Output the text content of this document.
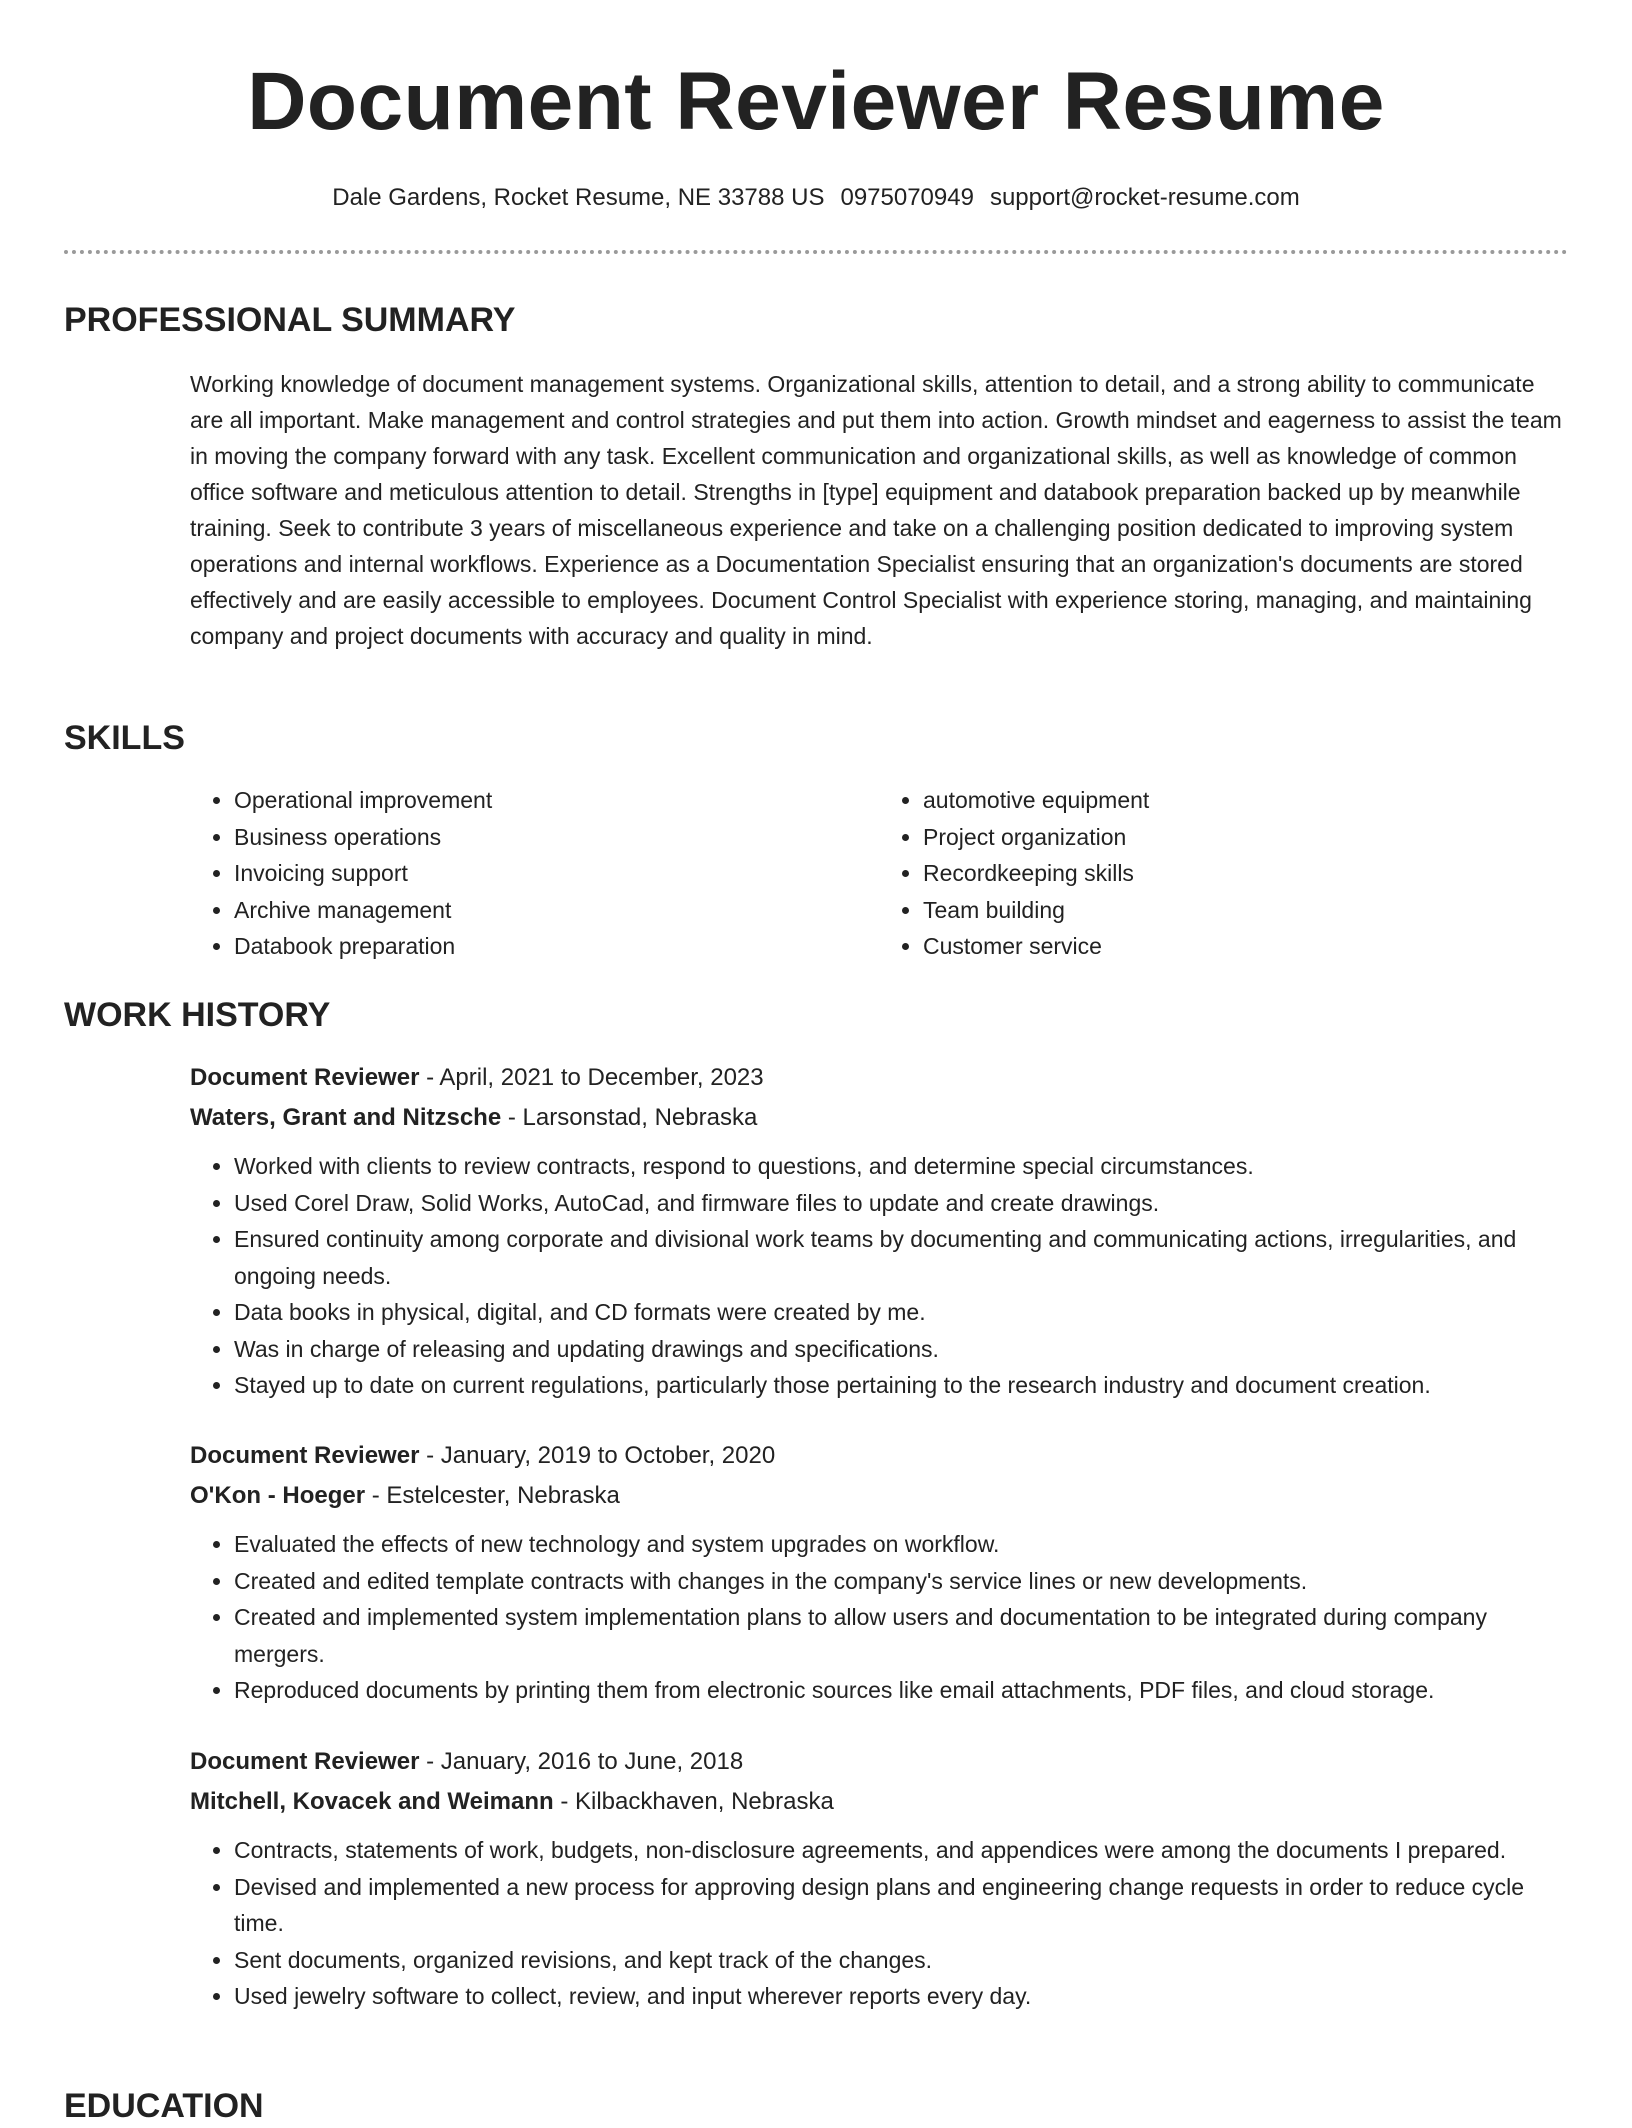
Document Reviewer Resume
Dale Gardens, Rocket Resume, NE 33788 US 0975070949 support@rocket-resume.com
PROFESSIONAL SUMMARY

Working knowledge of document management systems. Organizational skills, attention to detail, and a strong ability to communicate are all important. Make management and control strategies and put them into action. Growth mindset and eagerness to assist the team in moving the company forward with any task. Excellent communication and organizational skills, as well as knowledge of common office software and meticulous attention to detail. Strengths in [type] equipment and databook preparation backed up by meanwhile training. Seek to contribute 3 years of miscellaneous experience and take on a challenging position dedicated to improving system operations and internal workflows. Experience as a Documentation Specialist ensuring that an organization's documents are stored effectively and are easily accessible to employees. Document Control Specialist with experience storing, managing, and maintaining company and project documents with accuracy and quality in mind.

SKILLS
• Operational improvement
• Business operations
• Invoicing support
• Archive management
• Databook preparation
• automotive equipment
• Project organization
• Recordkeeping skills
• Team building
• Customer service
WORK HISTORY
Document Reviewer - April, 2021 to December, 2023
Waters, Grant and Nitzsche - Larsonstad, Nebraska
• Worked with clients to review contracts, respond to questions, and determine special circumstances.
• Used Corel Draw, Solid Works, AutoCad, and firmware files to update and create drawings.
• Ensured continuity among corporate and divisional work teams by documenting and communicating actions, irregularities, and ongoing needs.
• Data books in physical, digital, and CD formats were created by me.
• Was in charge of releasing and updating drawings and specifications.
• Stayed up to date on current regulations, particularly those pertaining to the research industry and document creation.
Document Reviewer - January, 2019 to October, 2020
O'Kon - Hoeger - Estelcester, Nebraska
• Evaluated the effects of new technology and system upgrades on workflow.
• Created and edited template contracts with changes in the company's service lines or new developments.
• Created and implemented system implementation plans to allow users and documentation to be integrated during company mergers.
• Reproduced documents by printing them from electronic sources like email attachments, PDF files, and cloud storage.
Document Reviewer - January, 2016 to June, 2018
Mitchell, Kovacek and Weimann - Kilbackhaven, Nebraska
• Contracts, statements of work, budgets, non-disclosure agreements, and appendices were among the documents I prepared.
• Devised and implemented a new process for approving design plans and engineering change requests in order to reduce cycle time.
• Sent documents, organized revisions, and kept track of the changes.
• Used jewelry software to collect, review, and input wherever reports every day.
EDUCATION
